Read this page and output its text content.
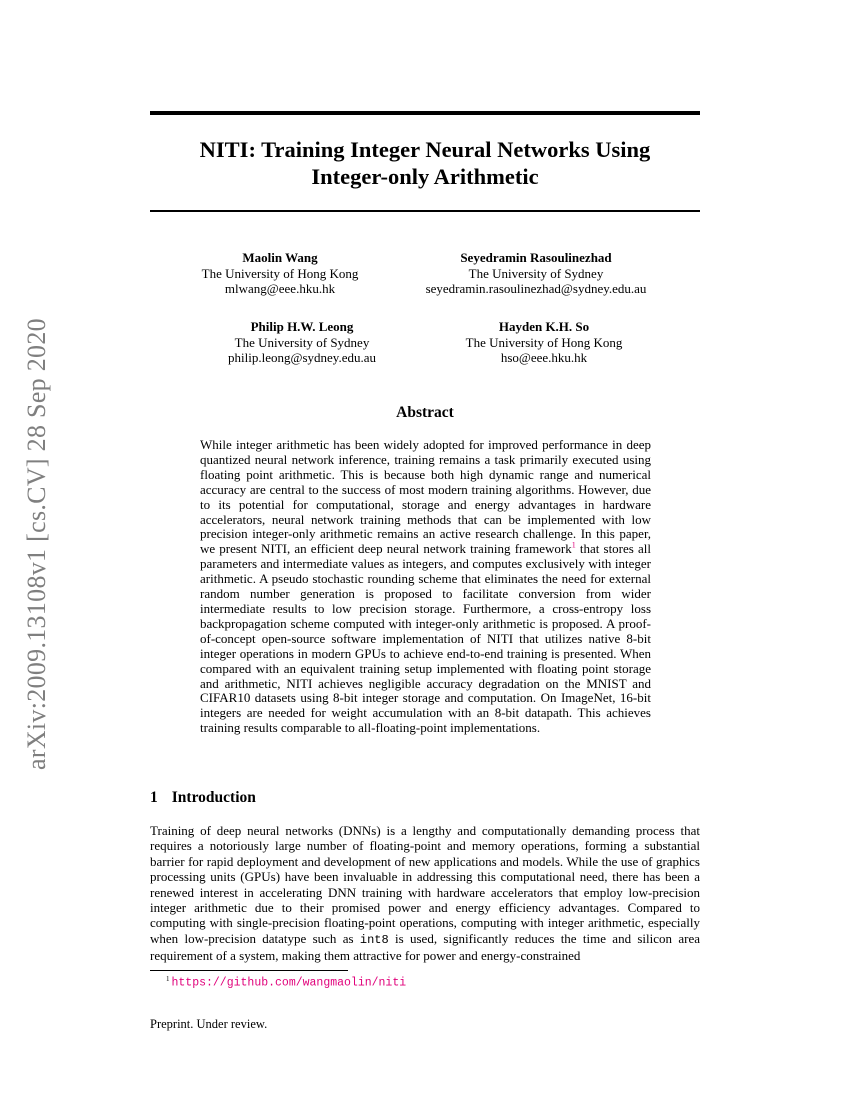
arXiv:2009.13108v1 [cs.CV] 28 Sep 2020
NITI: Training Integer Neural Networks Using
Integer-only Arithmetic
Maolin Wang
The University of Hong Kong
mlwang@eee.hku.hk
Seyedramin Rasoulinezhad
The University of Sydney
seyedramin.rasoulinezhad@sydney.edu.au
Philip H.W. Leong
The University of Sydney
philip.leong@sydney.edu.au
Hayden K.H. So
The University of Hong Kong
hso@eee.hku.hk
Abstract
While integer arithmetic has been widely adopted for improved performance in deep quantized neural network inference, training remains a task primarily executed using floating point arithmetic. This is because both high dynamic range and numerical accuracy are central to the success of most modern training algorithms. However, due to its potential for computational, storage and energy advantages in hardware accelerators, neural network training methods that can be implemented with low precision integer-only arithmetic remains an active research challenge. In this paper, we present NITI, an efficient deep neural network training framework$^1$ that stores all parameters and intermediate values as integers, and computes exclusively with integer arithmetic. A pseudo stochastic rounding scheme that eliminates the need for external random number generation is proposed to facilitate conversion from wider intermediate results to low precision storage. Furthermore, a cross-entropy loss backpropagation scheme computed with integer-only arithmetic is proposed. A proof-of-concept open-source software implementation of NITI that utilizes native 8-bit integer operations in modern GPUs to achieve end-to-end training is presented. When compared with an equivalent training setup implemented with floating point storage and arithmetic, NITI achieves negligible accuracy degradation on the MNIST and CIFAR10 datasets using 8-bit integer storage and computation. On ImageNet, 16-bit integers are needed for weight accumulation with an 8-bit datapath. This achieves training results comparable to all-floating-point implementations.
1 Introduction
Training of deep neural networks (DNNs) is a lengthy and computationally demanding process that requires a notoriously large number of floating-point and memory operations, forming a substantial barrier for rapid deployment and development of new applications and models. While the use of graphics processing units (GPUs) have been invaluable in addressing this computational need, there has been a renewed interest in accelerating DNN training with hardware accelerators that employ low-precision integer arithmetic due to their promised power and energy efficiency advantages. Compared to computing with single-precision floating-point operations, computing with integer arithmetic, especially when low-precision datatype such as int8 is used, significantly reduces the time and silicon area requirement of a system, making them attractive for power and energy-constrained
$^1$ https://github.com/wangmaolin/niti
Preprint. Under review.
